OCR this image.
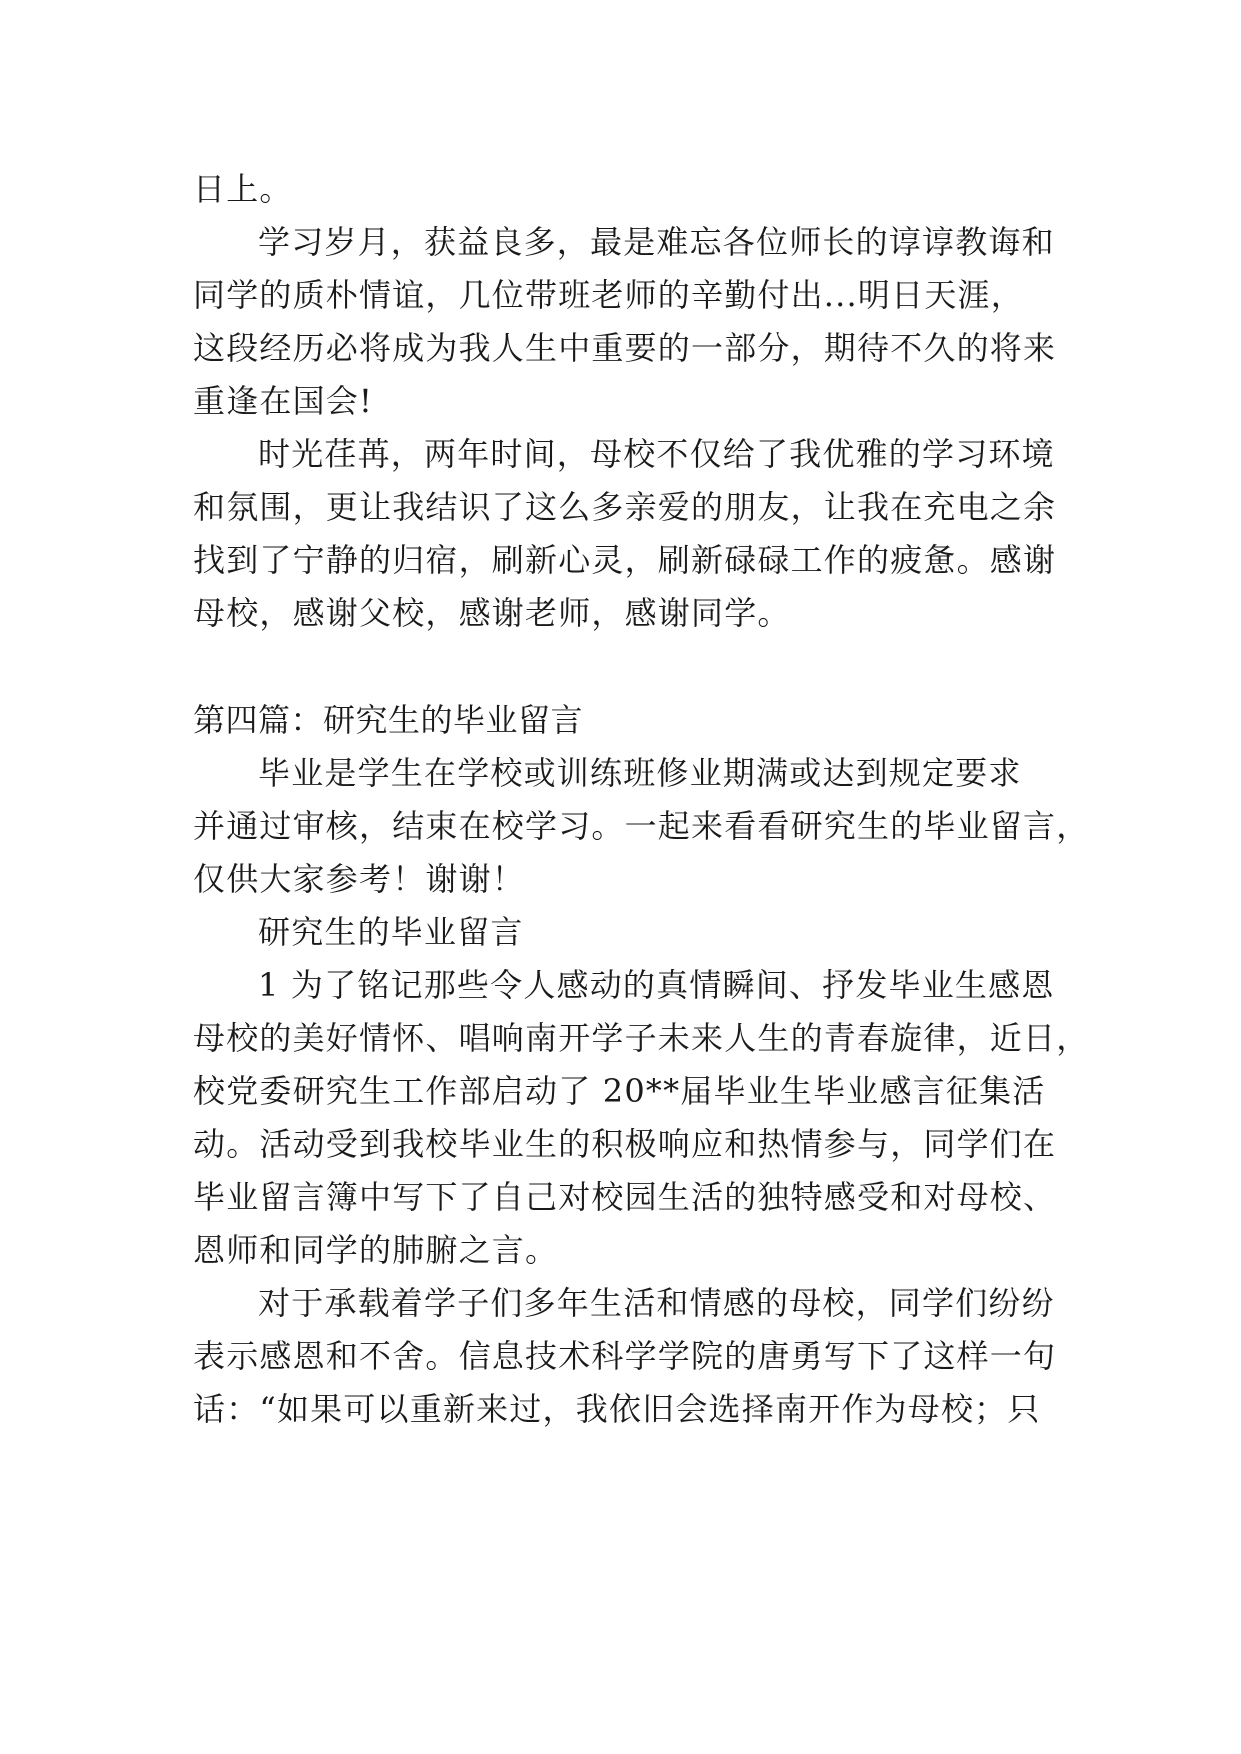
日上。
学习岁月，获益良多，最是难忘各位师长的谆谆教诲和
同学的质朴情谊，几位带班老师的辛勤付出...明日天涯，
这段经历必将成为我人生中重要的一部分，期待不久的将来
重逢在国会!
时光荏苒，两年时间，母校不仅给了我优雅的学习环境
和氛围，更让我结识了这么多亲爱的朋友，让我在充电之余
找到了宁静的归宿，刷新心灵，刷新碌碌工作的疲惫。感谢
母校，感谢父校，感谢老师，感谢同学。
第四篇：研究生的毕业留言
毕业是学生在学校或训练班修业期满或达到规定要求
并通过审核，结束在校学习。一起来看看研究生的毕业留言，
仅供大家参考！谢谢！
研究生的毕业留言
1 为了铭记那些令人感动的真情瞬间、抒发毕业生感恩
母校的美好情怀、唱响南开学子未来人生的青春旋律，近日，
校党委研究生工作部启动了 20**届毕业生毕业感言征集活
动。活动受到我校毕业生的积极响应和热情参与，同学们在
毕业留言簿中写下了自己对校园生活的独特感受和对母校、
恩师和同学的肺腑之言。
对于承载着学子们多年生活和情感的母校，同学们纷纷
表示感恩和不舍。信息技术科学学院的唐勇写下了这样一句
话：“如果可以重新来过，我依旧会选择南开作为母校；只
